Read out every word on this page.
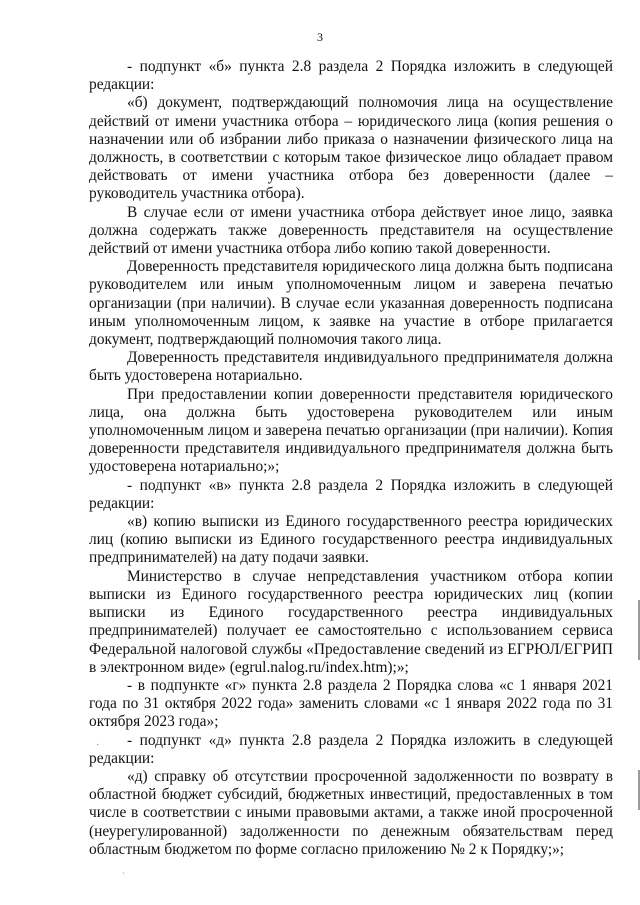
3

- подпункт «б» пункта 2.8 раздела 2 Порядка изложить в следующей редакции:

«б) документ, подтверждающий полномочия лица на осуществление действий от имени участника отбора – юридического лица (копия решения о назначении или об избрании либо приказа о назначении физического лица на должность, в соответствии с которым такое физическое лицо обладает правом действовать от имени участника отбора без доверенности (далее – руководитель участника отбора).

В случае если от имени участника отбора действует иное лицо, заявка должна содержать также доверенность представителя на осуществление действий от имени участника отбора либо копию такой доверенности.

Доверенность представителя юридического лица должна быть подписана руководителем или иным уполномоченным лицом и заверена печатью организации (при наличии). В случае если указанная доверенность подписана иным уполномоченным лицом, к заявке на участие в отборе прилагается документ, подтверждающий полномочия такого лица.

Доверенность представителя индивидуального предпринимателя должна быть удостоверена нотариально.

При предоставлении копии доверенности представителя юридического лица, она должна быть удостоверена руководителем или иным уполномоченным лицом и заверена печатью организации (при наличии). Копия доверенности представителя индивидуального предпринимателя должна быть удостоверена нотариально;»;

- подпункт «в» пункта 2.8 раздела 2 Порядка изложить в следующей редакции:

«в) копию выписки из Единого государственного реестра юридических лиц (копию выписки из Единого государственного реестра индивидуальных предпринимателей) на дату подачи заявки.

Министерство в случае непредставления участником отбора копии выписки из Единого государственного реестра юридических лиц (копии выписки из Единого государственного реестра индивидуальных предпринимателей) получает ее самостоятельно с использованием сервиса Федеральной налоговой службы «Предоставление сведений из ЕГРЮЛ/ЕГРИП в электронном виде» (egrul.nalog.ru/index.htm);»;

- в подпункте «г» пункта 2.8 раздела 2 Порядка слова «с 1 января 2021 года по 31 октября 2022 года» заменить словами «с 1 января 2022 года по 31 октября 2023 года»;

- подпункт «д» пункта 2.8 раздела 2 Порядка изложить в следующей редакции:

«д) справку об отсутствии просроченной задолженности по возврату в областной бюджет субсидий, бюджетных инвестиций, предоставленных в том числе в соответствии с иными правовыми актами, а также иной просроченной (неурегулированной) задолженности по денежным обязательствам перед областным бюджетом по форме согласно приложению № 2 к Порядку;»;

·
`
